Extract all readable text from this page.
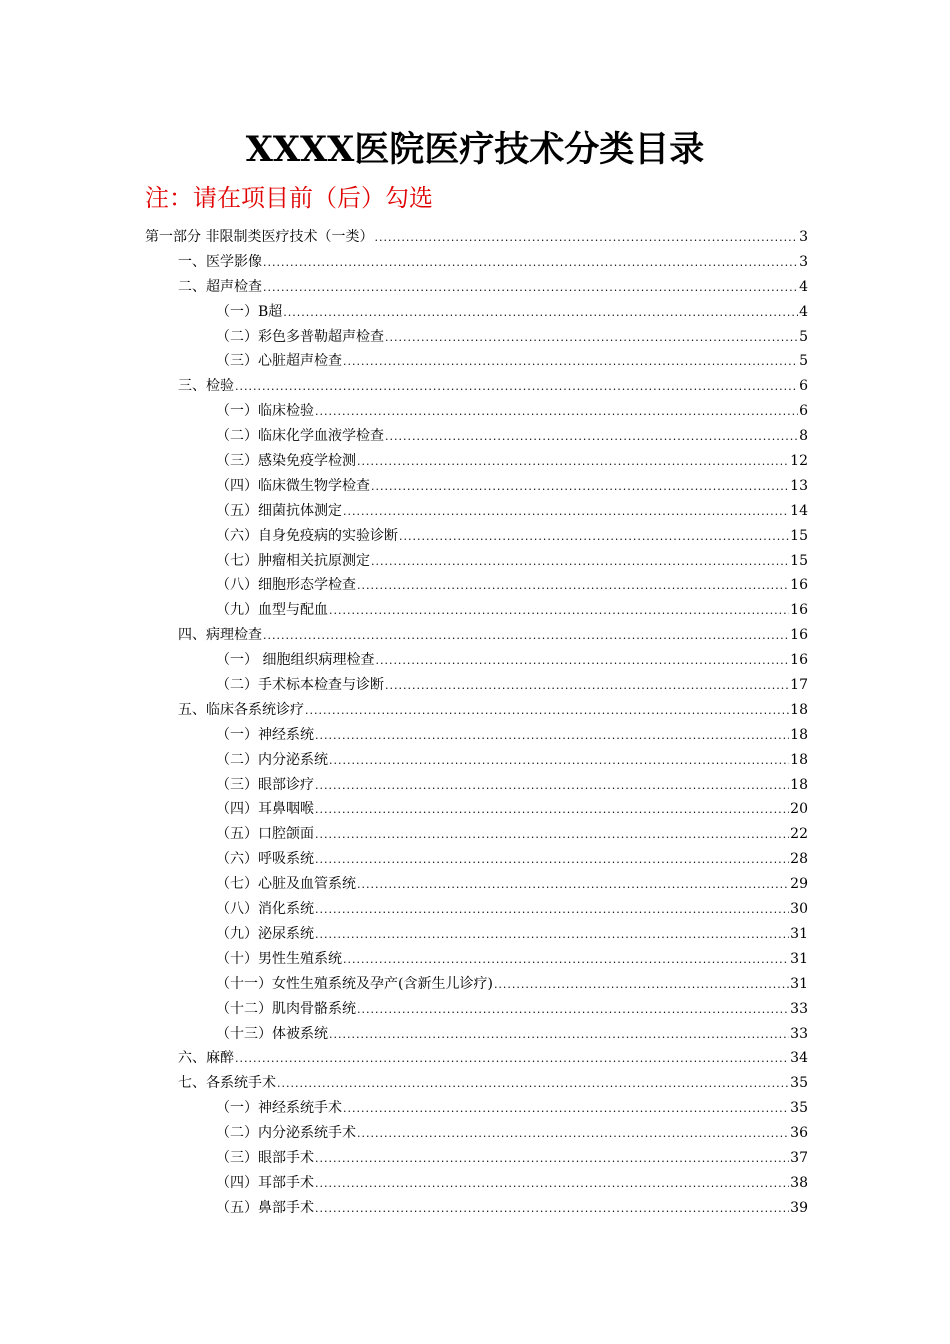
XXXX医院医疗技术分类目录
注：请在项目前（后）勾选
第一部分 非限制类医疗技术（一类） .....	3
一、医学影像 .....	3
二、超声检查 .....	4
（一）B超 .....	4
（二）彩色多普勒超声检查 .....	5
（三）心脏超声检查 .....	5
三、检验 .....	6
（一）临床检验 .....	6
（二）临床化学血液学检查 .....	8
（三）感染免疫学检测 .....	12
（四）临床微生物学检查 .....	13
（五）细菌抗体测定 .....	14
（六）自身免疫病的实验诊断 .....	15
（七）肿瘤相关抗原测定 .....	15
（八）细胞形态学检查 .....	16
（九）血型与配血 .....	16
四、病理检查 .....	16
（一） 细胞组织病理检查 .....	16
（二）手术标本检查与诊断 .....	17
五、临床各系统诊疗 .....	18
（一）神经系统 .....	18
（二）内分泌系统 .....	18
（三）眼部诊疗 .....	18
（四）耳鼻咽喉 .....	20
（五）口腔颌面 .....	22
（六）呼吸系统 .....	28
（七）心脏及血管系统 .....	29
（八）消化系统 .....	30
（九）泌尿系统 .....	31
（十）男性生殖系统 .....	31
（十一）女性生殖系统及孕产(含新生儿诊疗) .....	31
（十二）肌肉骨骼系统 .....	33
（十三）体被系统 .....	33
六、麻醉 .....	34
七、各系统手术 .....	35
（一）神经系统手术 .....	35
（二）内分泌系统手术 .....	36
（三）眼部手术 .....	37
（四）耳部手术 .....	38
（五）鼻部手术 .....	39
